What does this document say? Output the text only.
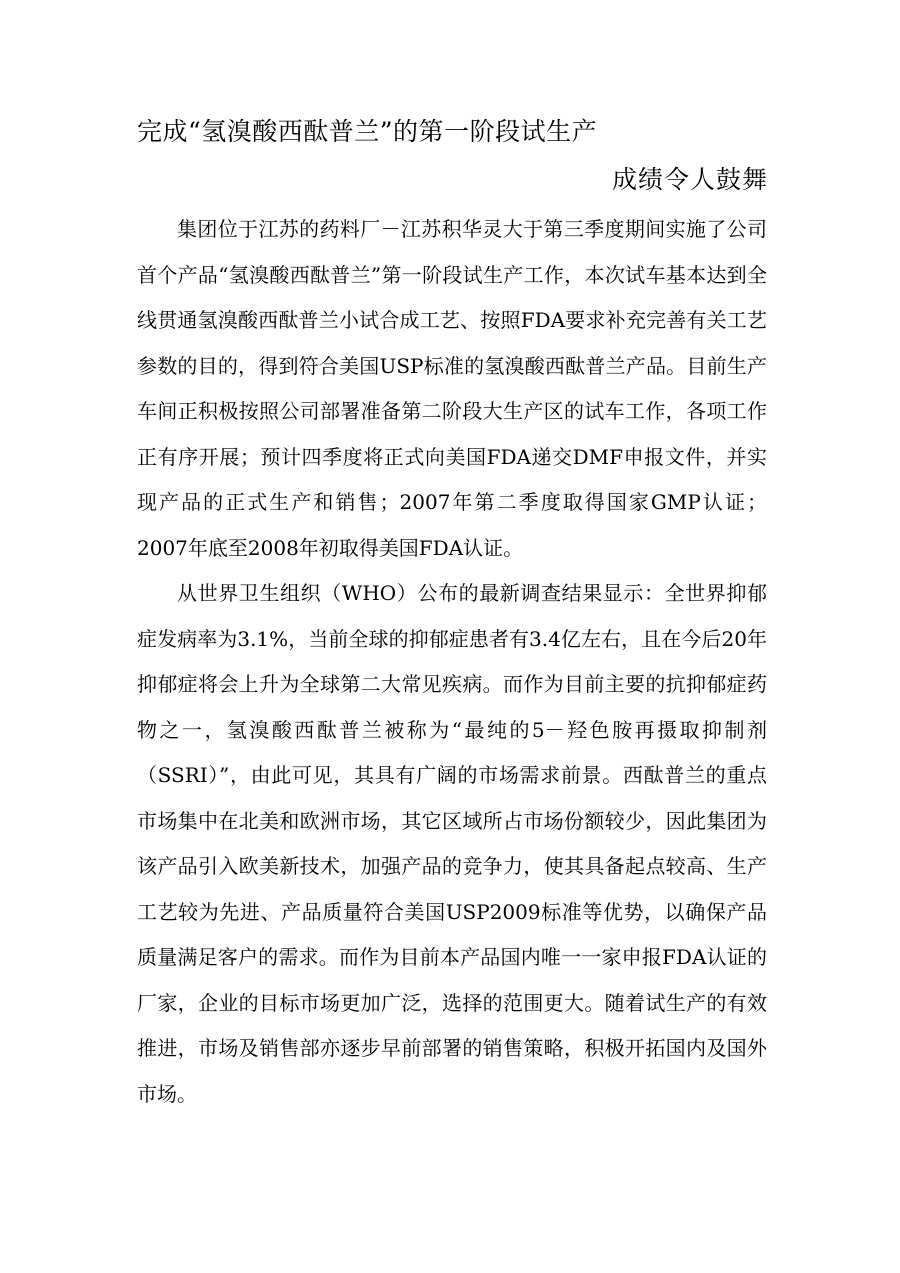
完成“氢溴酸西酞普兰”的第一阶段试生产
成绩令人鼓舞

集团位于江苏的药料厂－江苏积华灵大于第三季度期间实施了公司首个产品“氢溴酸西酞普兰”第一阶段试生产工作，本次试车基本达到全线贯通氢溴酸西酞普兰小试合成工艺、按照FDA要求补充完善有关工艺参数的目的，得到符合美国USP标准的氢溴酸西酞普兰产品。目前生产车间正积极按照公司部署准备第二阶段大生产区的试车工作，各项工作正有序开展；预计四季度将正式向美国FDA递交DMF申报文件，并实现产品的正式生产和销售；2007年第二季度取得国家GMP认证；2007年底至2008年初取得美国FDA认证。

从世界卫生组织（WHO）公布的最新调查结果显示：全世界抑郁症发病率为3.1%，当前全球的抑郁症患者有3.4亿左右，且在今后20年抑郁症将会上升为全球第二大常见疾病。而作为目前主要的抗抑郁症药物之一，氢溴酸西酞普兰被称为“最纯的5－羟色胺再摄取抑制剂（SSRI）”，由此可见，其具有广阔的市场需求前景。西酞普兰的重点市场集中在北美和欧洲市场，其它区域所占市场份额较少，因此集团为该产品引入欧美新技术，加强产品的竞争力，使其具备起点较高、生产工艺较为先进、产品质量符合美国USP2009标准等优势，以确保产品质量满足客户的需求。而作为目前本产品国内唯一一家申报FDA认证的厂家，企业的目标市场更加广泛，选择的范围更大。随着试生产的有效推进，市场及销售部亦逐步早前部署的销售策略，积极开拓国内及国外市场。
